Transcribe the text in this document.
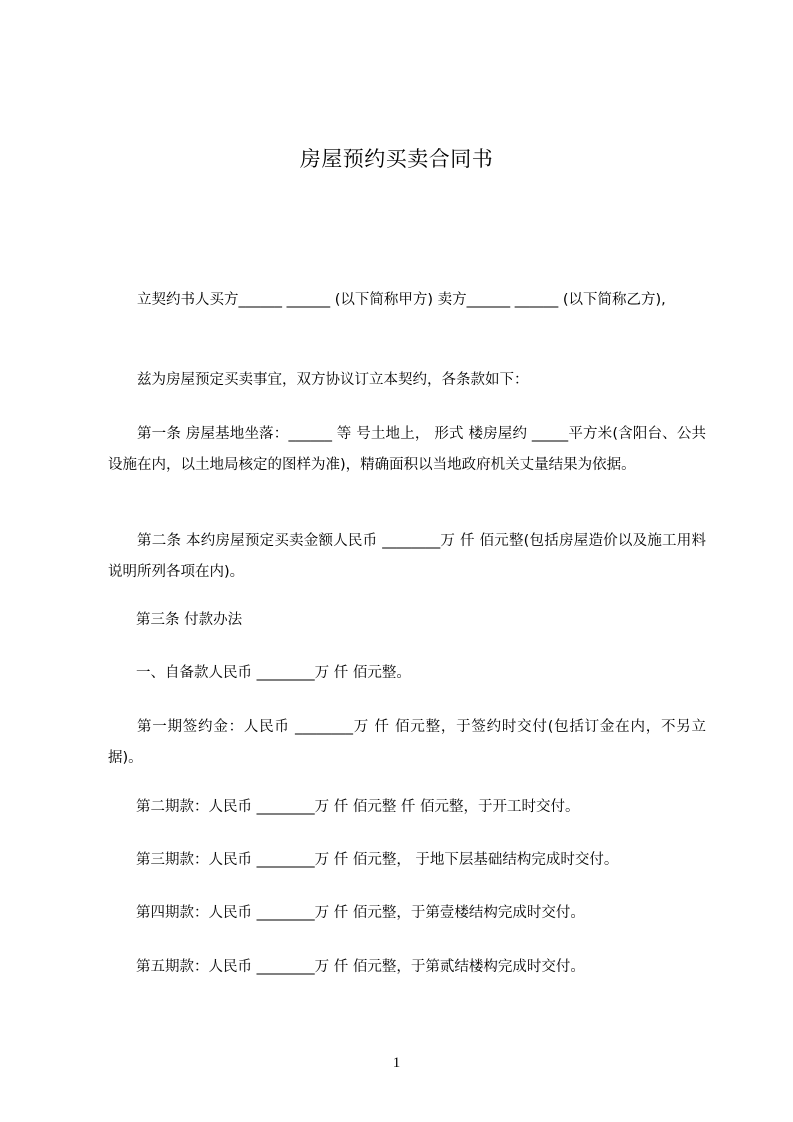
房屋预约买卖合同书
立契约书人买方______ ______ (以下简称甲方) 卖方______ ______ (以下简称乙方),
兹为房屋预定买卖事宜，双方协议订立本契约，各条款如下：
第一条 房屋基地坐落：______ 等 号土地上， 形式 楼房屋约 _____平方米(含阳台、公共设施在内，以土地局核定的图样为准)，精确面积以当地政府机关丈量结果为依据。
第二条 本约房屋预定买卖金额人民币 ________万 仟 佰元整(包括房屋造价以及施工用料说明所列各项在内)。
第三条 付款办法
一、自备款人民币 ________万 仟 佰元整。
第一期签约金：人民币 ________万 仟 佰元整，于签约时交付(包括订金在内，不另立据)。
第二期款：人民币 ________万 仟 佰元整 仟 佰元整，于开工时交付。
第三期款：人民币 ________万 仟 佰元整， 于地下层基础结构完成时交付。
第四期款：人民币 ________万 仟 佰元整，于第壹楼结构完成时交付。
第五期款：人民币 ________万 仟 佰元整，于第贰结楼构完成时交付。
1
